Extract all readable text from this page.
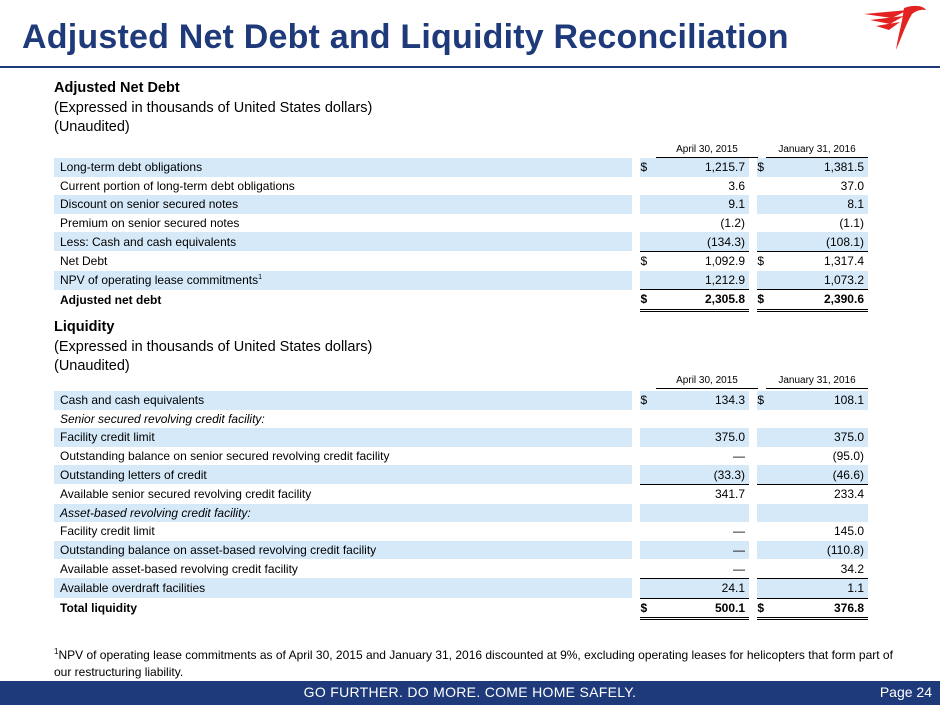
Adjusted Net Debt and Liquidity Reconciliation
Adjusted Net Debt
(Expressed in thousands of United States dollars)
(Unaudited)
April 30, 2015	January 31, 2016
Long-term debt obligations		$	1,215.7		$	1,381.5
Current portion of long-term debt obligations			3.6			37.0
Discount on senior secured notes			9.1			8.1
Premium on senior secured notes			(1.2)			(1.1)
Less: Cash and cash equivalents			(134.3)			(108.1)
Net Debt		$	1,092.9		$	1,317.4
NPV of operating lease commitments$^1$			1,212.9			1,073.2
Adjusted net debt		$	2,305.8		$	2,390.6
Liquidity
(Expressed in thousands of United States dollars)
(Unaudited)
April 30, 2015	January 31, 2016
Cash and cash equivalents		$	134.3		$	108.1
Senior secured revolving credit facility:						
Facility credit limit			375.0			375.0
Outstanding balance on senior secured revolving credit facility			—			(95.0)
Outstanding letters of credit			(33.3)			(46.6)
Available senior secured revolving credit facility			341.7			233.4
Asset-based revolving credit facility:						
Facility credit limit			—			145.0
Outstanding balance on asset-based revolving credit facility			—			(110.8)
Available asset-based revolving credit facility			—			34.2
Available overdraft facilities			24.1			1.1
Total liquidity		$	500.1		$	376.8
$^1$NPV of operating lease commitments as of April 30, 2015 and January 31, 2016 discounted at 9%, excluding operating leases for helicopters that form part of our restructuring liability.
GO FURTHER. DO MORE. COME HOME SAFELY.	Page 24
